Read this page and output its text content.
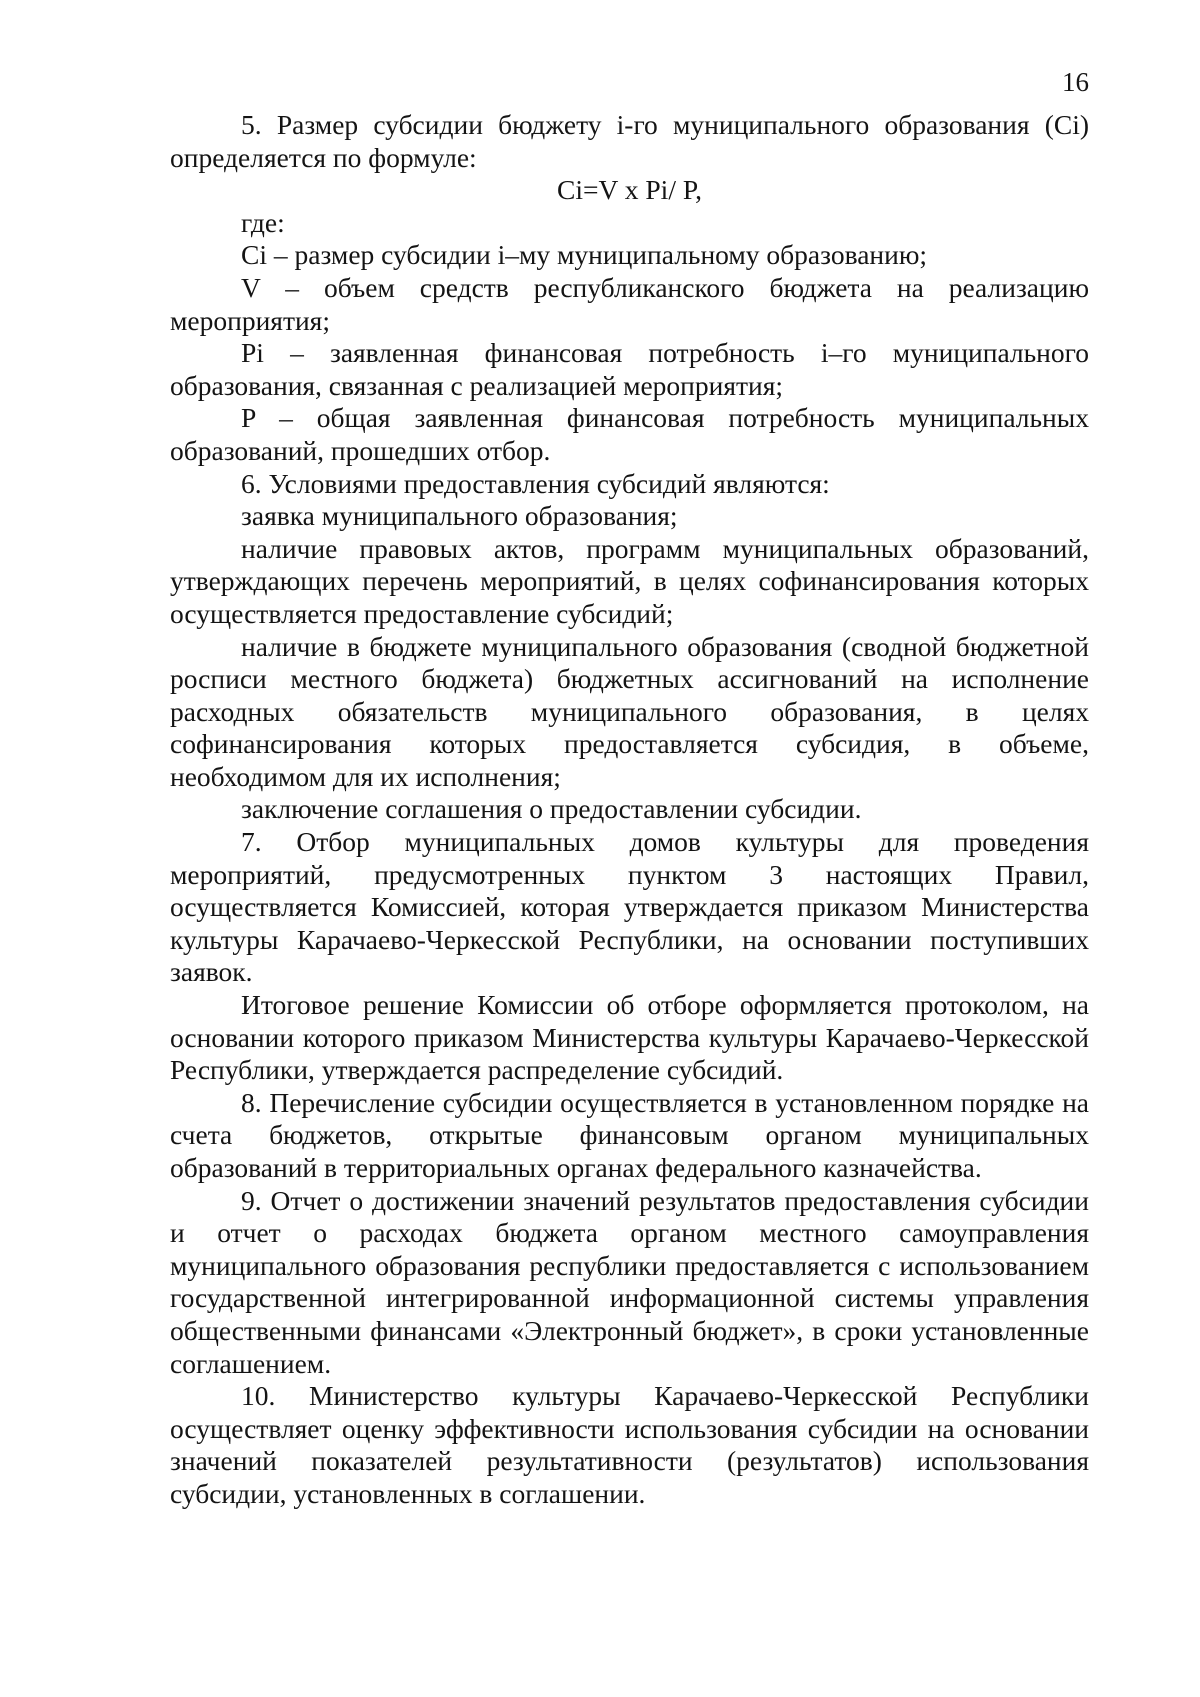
16

5. Размер субсидии бюджету i-го муниципального образования (Ci) определяется по формуле:

Ci=V x Pi/ P,

где:

Ci – размер субсидии i–му муниципальному образованию;

V – объем средств республиканского бюджета на реализацию мероприятия;

Pi – заявленная финансовая потребность i–го муниципального образования, связанная с реализацией мероприятия;

P – общая заявленная финансовая потребность муниципальных образований, прошедших отбор.

6. Условиями предоставления субсидий являются:

заявка муниципального образования;

наличие правовых актов, программ муниципальных образований, утверждающих перечень мероприятий, в целях софинансирования которых осуществляется предоставление субсидий;

наличие в бюджете муниципального образования (сводной бюджетной росписи местного бюджета) бюджетных ассигнований на исполнение расходных обязательств муниципального образования, в целях софинансирования которых предоставляется субсидия, в объеме, необходимом для их исполнения;

заключение соглашения о предоставлении субсидии.

7. Отбор муниципальных домов культуры для проведения мероприятий, предусмотренных пунктом 3 настоящих Правил, осуществляется Комиссией, которая утверждается приказом Министерства культуры Карачаево-Черкесской Республики, на основании поступивших заявок.

Итоговое решение Комиссии об отборе оформляется протоколом, на основании которого приказом Министерства культуры Карачаево-Черкесской Республики, утверждается распределение субсидий.

8. Перечисление субсидии осуществляется в установленном порядке на счета бюджетов, открытые финансовым органом муниципальных образований в территориальных органах федерального казначейства.

9. Отчет о достижении значений результатов предоставления субсидии и отчет о расходах бюджета органом местного самоуправления муниципального образования республики предоставляется с использованием государственной интегрированной информационной системы управления общественными финансами «Электронный бюджет», в сроки установленные соглашением.

10. Министерство культуры Карачаево-Черкесской Республики осуществляет оценку эффективности использования субсидии на основании значений показателей результативности (результатов) использования субсидии, установленных в соглашении.
